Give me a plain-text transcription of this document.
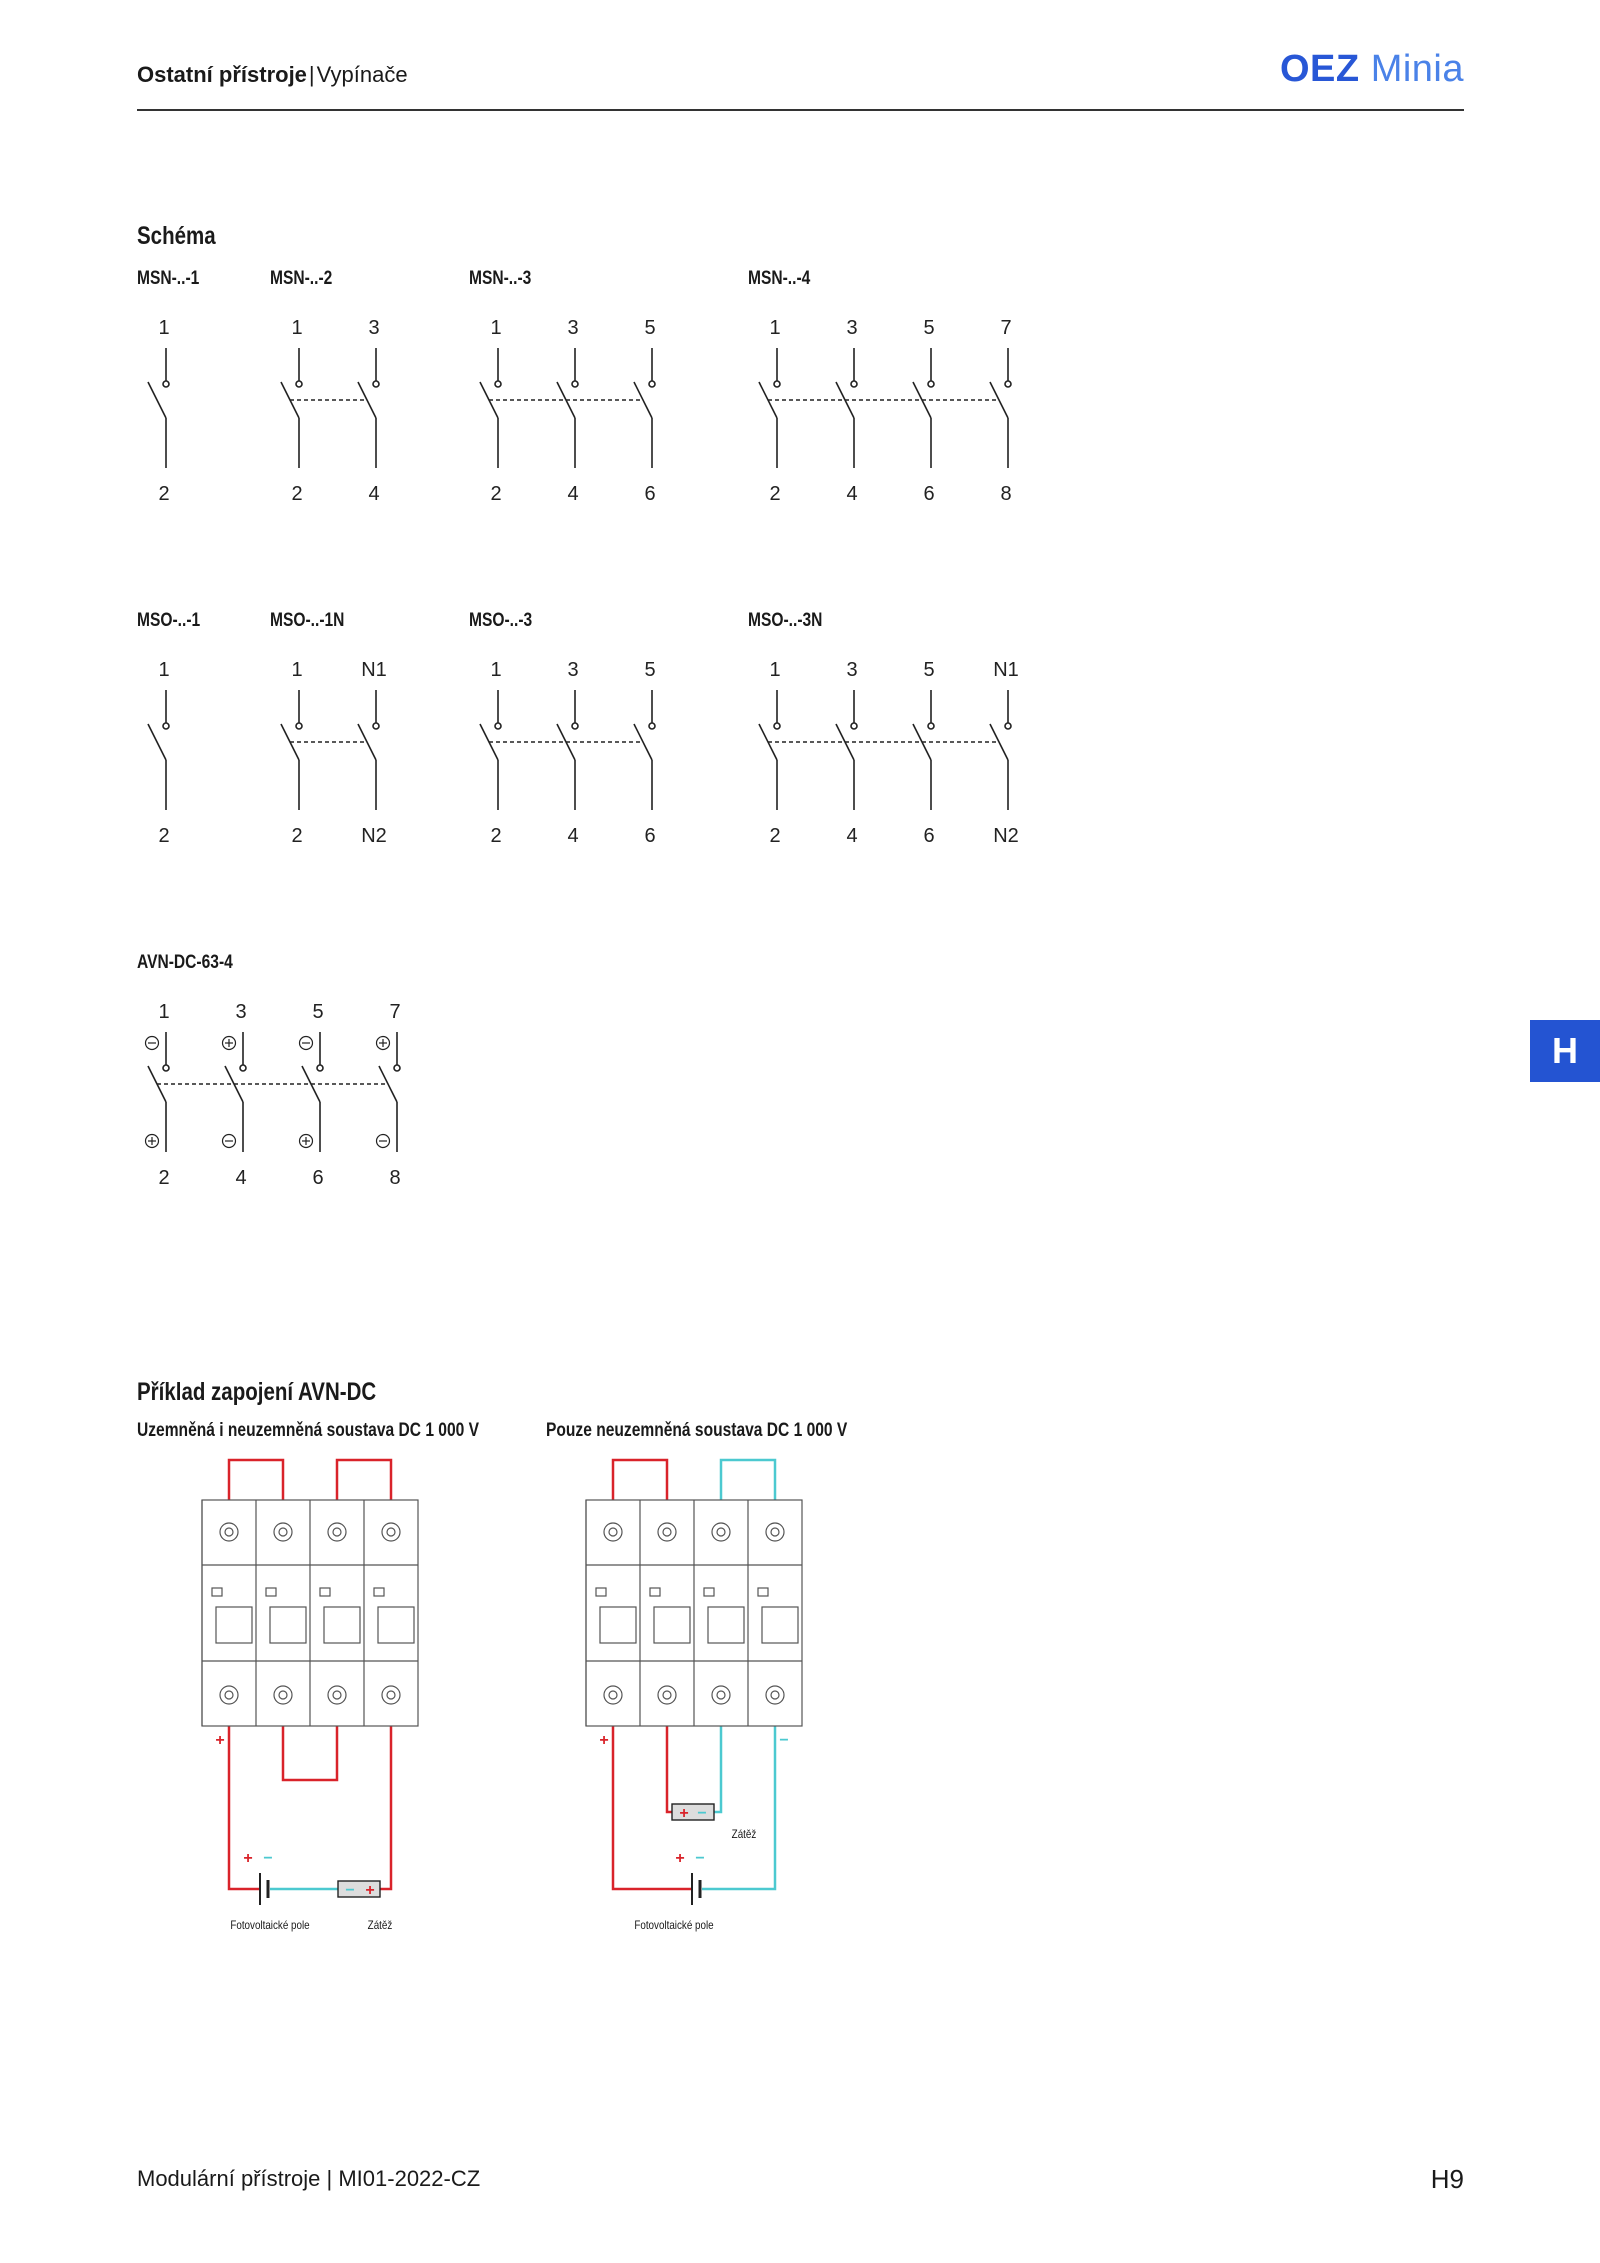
Ostatní přístroje|Vypínače	OEZ Minia
H
Schéma
MSN-..-1
1
2
MSN-..-2
1
2
3
4
MSN-..-3
1
2
3
4
5
6
MSN-..-4
1
2
3
4
5
6
7
8
MSO-..-1
1
2
MSO-..-1N
1
2
N1
N2
MSO-..-3
1
2
3
4
5
6
MSO-..-3N
1
2
3
4
5
6
N1
N2
AVN-DC-63-4
1
2
3
4
5
6
7
8
Příklad zapojení AVN-DC
Uzemněná i neuzemněná soustava DC 1 000 V	Pouze neuzemněná soustava DC 1 000 V
+
+ −
− +
Fotovoltaické pole	Zátěž
+	−
+ −
+ −
Fotovoltaické pole
Zátěž
Modulární přístroje | MI01-2022-CZ	H9
